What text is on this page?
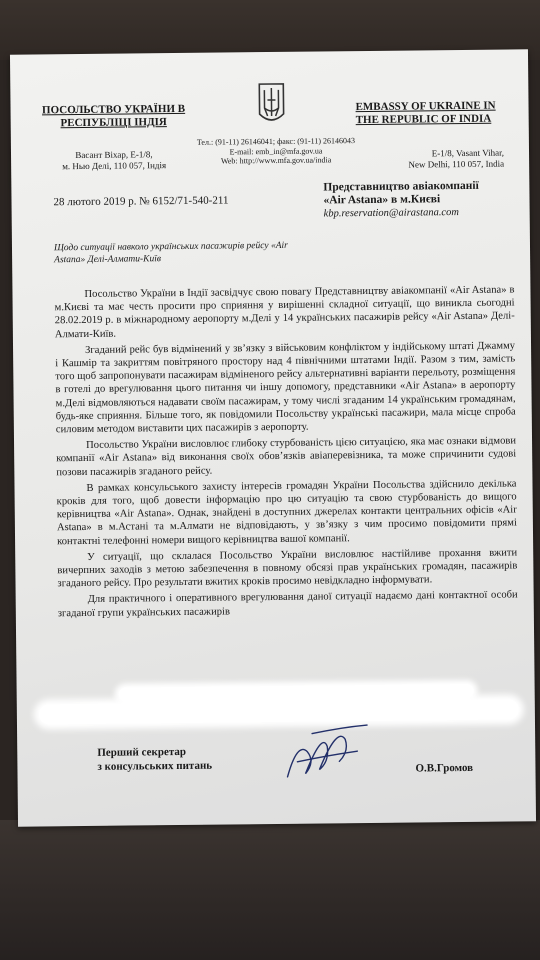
ПОСОЛЬСТВО УКРАЇНИ В РЕСПУБЛІЦІ ІНДІЯ
Васант Віхар, Е-1/8,
м. Нью Делі, 110 057, Індія
Тел.: (91-11) 26146041; факс: (91-11) 26146043
E-mail: emb_in@mfa.gov.ua
Web: http://www.mfa.gov.ua/india
EMBASSY OF UKRAINE IN THE REPUBLIC OF INDIA
E-1/8, Vasant Vihar,
New Delhi, 110 057, India
28 лютого 2019 р. № 6152/71-540-211
Представництво авіакомпанії
«Air Astana» в м.Києві
kbp.reservation@airastana.com
Щодо ситуації навколо українських пасажирів рейсу «Air Astana» Делі-Алмати-Київ

Посольство України в Індії засвідчує свою повагу Представництву авіакомпанії «Air Astana» в м.Києві та має честь просити про сприяння у вирішенні складної ситуації, що виникла сьогодні 28.02.2019 р. в міжнародному аеропорту м.Делі у 14 українських пасажирів рейсу «Air Astana» Делі-Алмати-Київ.

Згаданий рейс був відмінений у зв’язку з військовим конфліктом у індійському штаті Джамму і Кашмір та закриттям повітряного простору над 4 північними штатами Індії. Разом з тим, замість того щоб запропонувати пасажирам відміненого рейсу альтернативні варіанти перельоту, розміщення в готелі до врегулювання цього питання чи іншу допомогу, представники «Air Astana» в аеропорту м.Делі відмовляються надавати своїм пасажирам, у тому числі згаданим 14 українським громадянам, будь-яке сприяння. Більше того, як повідомили Посольству українські пасажири, мала місце спроба силовим методом виставити цих пасажирів з аеропорту.

Посольство України висловлює глибоку стурбованість цією ситуацією, яка має ознаки відмови компанії «Air Astana» від виконання своїх обов’язків авіаперевізника, та може спричинити судові позови пасажирів згаданого рейсу.

В рамках консульського захисту інтересів громадян України Посольства здійснило декілька кроків для того, щоб довести інформацію про цю ситуацію та свою стурбованість до вищого керівництва «Air Astana». Однак, знайдені в доступних джерелах контакти центральних офісів «Air Astana» в м.Астані та м.Алмати не відповідають, у зв’язку з чим просимо повідомити прямі контактні телефонні номери вищого керівництва вашої компанії.

У ситуації, що склалася Посольство України висловлює настійливе прохання вжити вичерпних заходів з метою забезпечення в повному обсязі прав українських громадян, пасажирів згаданого рейсу. Про результати вжитих кроків просимо невідкладно інформувати.

Для практичного і оперативного врегулювання даної ситуації надаємо дані контактної особи згаданої групи українських пасажирів

Перший секретар
з консульських питань	О.В.Громов
